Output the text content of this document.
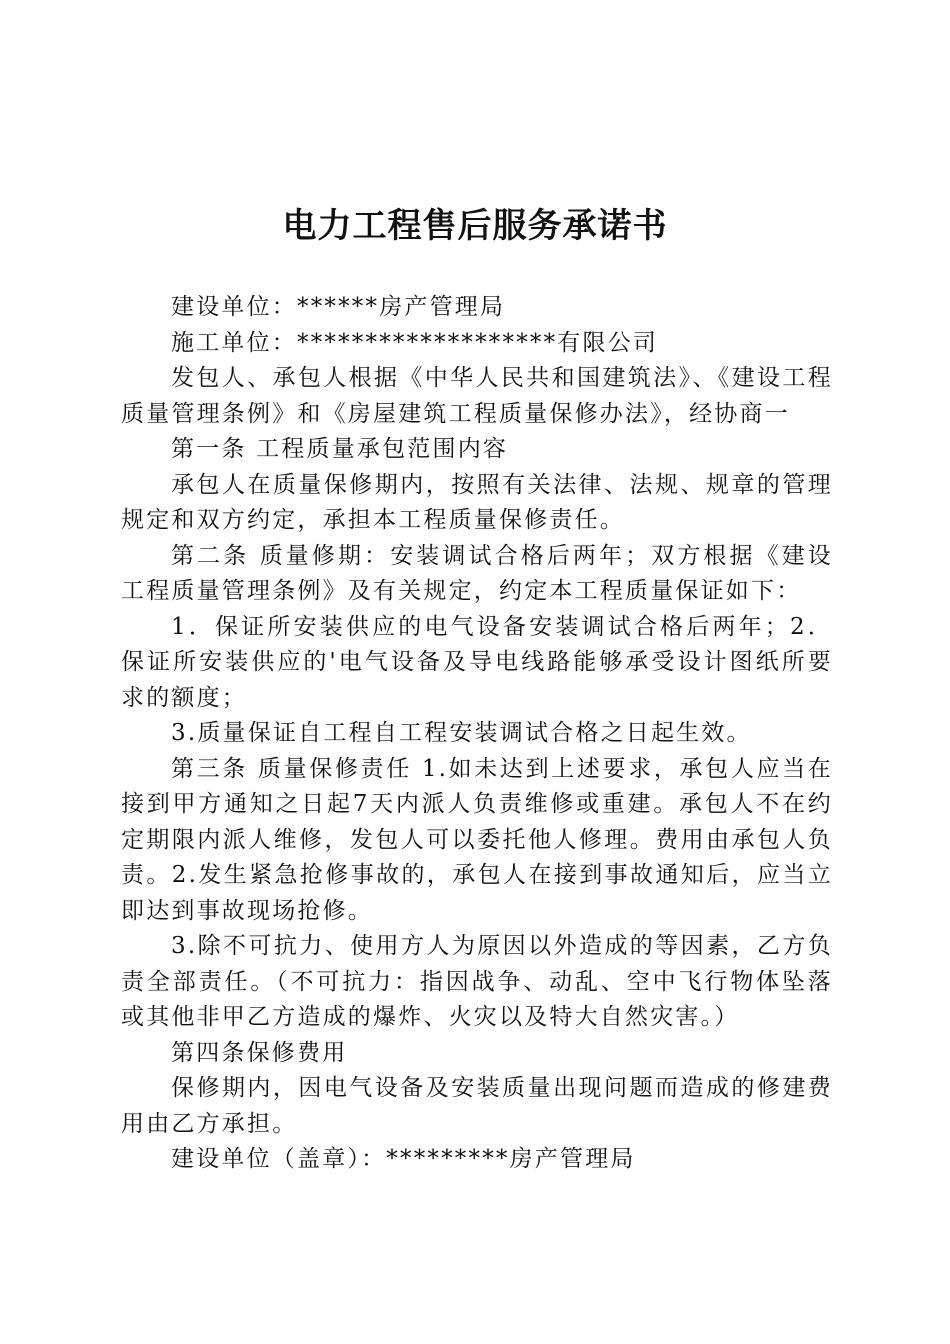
电力工程售后服务承诺书

建设单位：******房产管理局

施工单位：*******************有限公司

发包人、承包人根据《中华人民共和国建筑法》、《建设工程质量管理条例》和《房屋建筑工程质量保修办法》，经协商一

第一条 工程质量承包范围内容

承包人在质量保修期内，按照有关法律、法规、规章的管理规定和双方约定，承担本工程质量保修责任。

第二条 质量修期：安装调试合格后两年；双方根据《建设工程质量管理条例》及有关规定，约定本工程质量保证如下：

1．保证所安装供应的电气设备安装调试合格后两年；2．保证所安装供应的'电气设备及导电线路能够承受设计图纸所要求的额度；

3.质量保证自工程自工程安装调试合格之日起生效。

第三条 质量保修责任 1.如未达到上述要求，承包人应当在接到甲方通知之日起7天内派人负责维修或重建。承包人不在约定期限内派人维修，发包人可以委托他人修理。费用由承包人负责。2.发生紧急抢修事故的，承包人在接到事故通知后，应当立即达到事故现场抢修。

3.除不可抗力、使用方人为原因以外造成的等因素，乙方负责全部责任。（不可抗力：指因战争、动乱、空中飞行物体坠落或其他非甲乙方造成的爆炸、火灾以及特大自然灾害。）

第四条保修费用

保修期内，因电气设备及安装质量出现问题而造成的修建费用由乙方承担。

建设单位（盖章）：*********房产管理局
